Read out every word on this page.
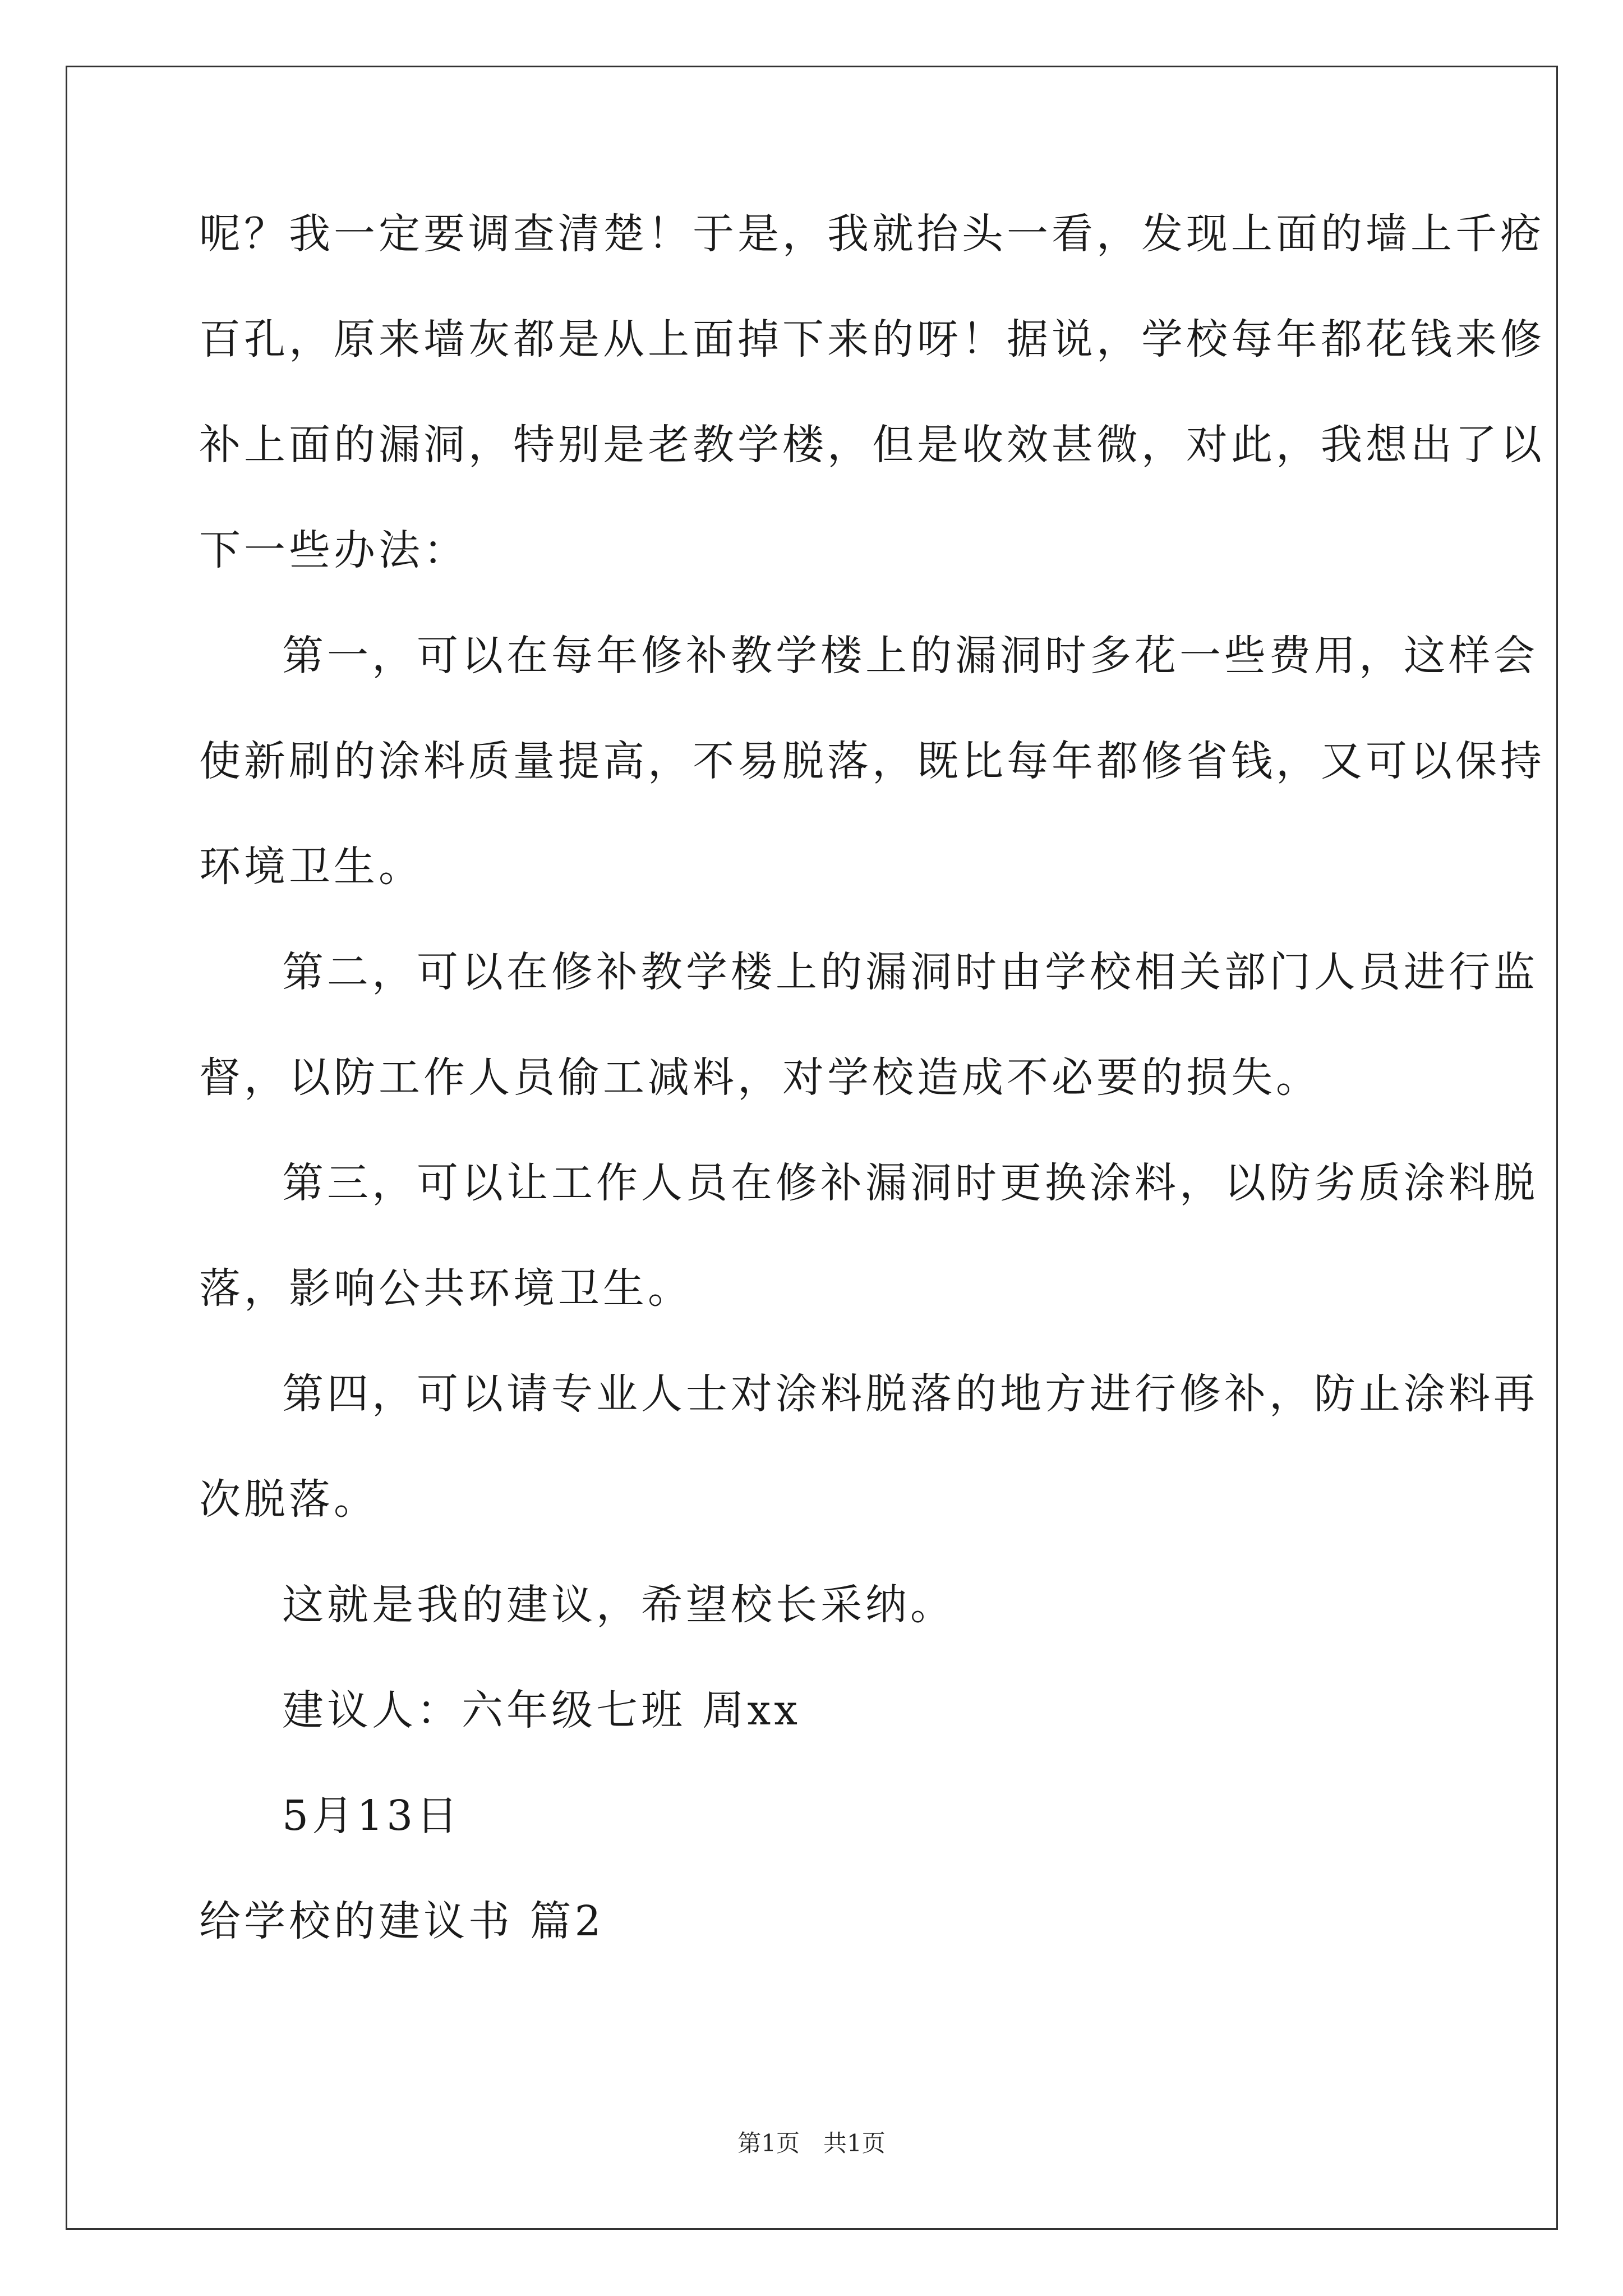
呢？我一定要调查清楚！于是，我就抬头一看，发现上面的墙上千疮
百孔，原来墙灰都是从上面掉下来的呀！据说，学校每年都花钱来修
补上面的漏洞，特别是老教学楼，但是收效甚微，对此，我想出了以
下一些办法：
第一，可以在每年修补教学楼上的漏洞时多花一些费用，这样会
使新刷的涂料质量提高，不易脱落，既比每年都修省钱，又可以保持
环境卫生。
第二，可以在修补教学楼上的漏洞时由学校相关部门人员进行监
督，以防工作人员偷工减料，对学校造成不必要的损失。
第三，可以让工作人员在修补漏洞时更换涂料，以防劣质涂料脱
落，影响公共环境卫生。
第四，可以请专业人士对涂料脱落的地方进行修补，防止涂料再
次脱落。
这就是我的建议，希望校长采纳。
建议人：六年级七班 周xx
5月13日
给学校的建议书 篇2
第1页　共1页
